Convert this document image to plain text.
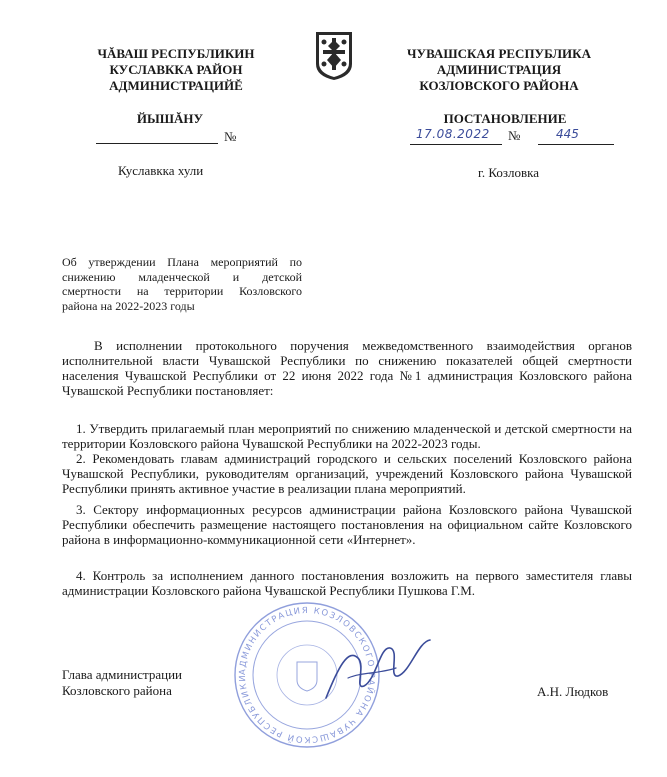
ЧĂВАШ РЕСПУБЛИКИН
КУСЛАВККА РАЙОН
АДМИНИСТРАЦИЙĔ
ЧУВАШСКАЯ РЕСПУБЛИКА
АДМИНИСТРАЦИЯ
КОЗЛОВСКОГО РАЙОНА
ЙЫШĂНУ	ПОСТАНОВЛЕНИЕ
№	17.08.2022 №	445
Куславкка хули	г. Козловка
Об утверждении Плана мероприятий по снижению младенческой и детской смертности на территории Козловского района на 2022-2023 годы
В исполнении протокольного поручения межведомственного взаимодействия органов исполнительной власти Чувашской Республики по снижению показателей общей смертности населения Чувашской Республики от 22 июня 2022 года №1 администрация Козловского района Чувашской Республики постановляет:
1. Утвердить прилагаемый план мероприятий по снижению младенческой и детской смертности на территории Козловского района Чувашской Республики на 2022-2023 годы.
2. Рекомендовать главам администраций городского и сельских поселений Козловского района Чувашской Республики, руководителям организаций, учреждений Козловского района Чувашской Республики принять активное участие в реализации плана мероприятий.
3. Сектору информационных ресурсов администрации района Козловского района Чувашской Республики обеспечить размещение настоящего постановления на официальном сайте Козловского района в информационно-коммуникационной сети «Интернет».
4. Контроль за исполнением данного постановления возложить на первого заместителя главы администрации Козловского района Чувашской Республики Пушкова Г.М.
АДМИНИСТРАЦИЯ КОЗЛОВСКОГО РАЙОНА ЧУВАШСКОЙ РЕСПУБЛИКИ
Глава администрации
Козловского района	А.Н. Людков
